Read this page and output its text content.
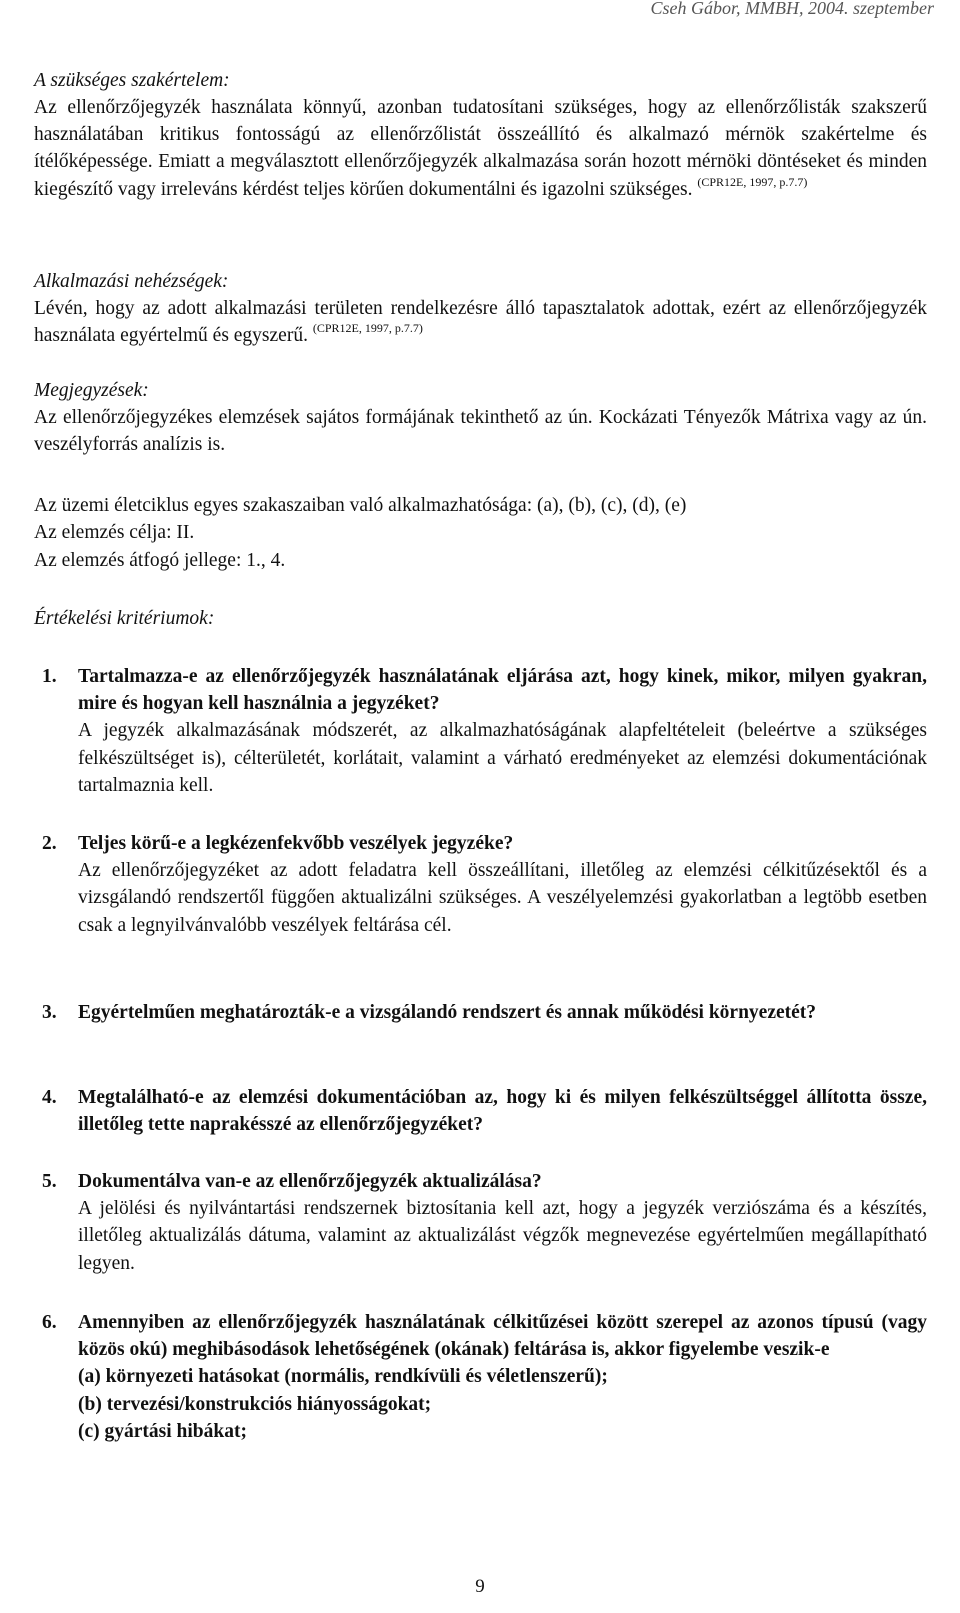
Cseh Gábor, MMBH, 2004. szeptember
A szükséges szakértelem:
Az ellenőrzőjegyzék használata könnyű, azonban tudatosítani szükséges, hogy az ellenőrzőlisták szakszerű használatában kritikus fontosságú az ellenőrzőlistát összeállító és alkalmazó mérnök szakértelme és ítélőképessége. Emiatt a megválasztott ellenőrzőjegyzék alkalmazása során hozott mérnöki döntéseket és minden kiegészítő vagy irreleváns kérdést teljes körűen dokumentálni és igazolni szükséges. $^{(CPR12E, 1997, p.7.7)}$
Alkalmazási nehézségek:
Lévén, hogy az adott alkalmazási területen rendelkezésre álló tapasztalatok adottak, ezért az ellenőrzőjegyzék használata egyértelmű és egyszerű. $^{(CPR12E, 1997, p.7.7)}$
Megjegyzések:
Az ellenőrzőjegyzékes elemzések sajátos formájának tekinthető az ún. Kockázati Tényezők Mátrixa vagy az ún. veszélyforrás analízis is.
Az üzemi életciklus egyes szakaszaiban való alkalmazhatósága: (a), (b), (c), (d), (e)
Az elemzés célja: II.
Az elemzés átfogó jellege: 1., 4.
Értékelési kritériumok:
1. Tartalmazza-e az ellenőrzőjegyzék használatának eljárása azt, hogy kinek, mikor, milyen gyakran, mire és hogyan kell használnia a jegyzéket?
A jegyzék alkalmazásának módszerét, az alkalmazhatóságának alapfeltételeit (beleértve a szükséges felkészültséget is), célterületét, korlátait, valamint a várható eredményeket az elemzési dokumentációnak tartalmaznia kell.
2. Teljes körű-e a legkézenfekvőbb veszélyek jegyzéke?
Az ellenőrzőjegyzéket az adott feladatra kell összeállítani, illetőleg az elemzési célkitűzésektől és a vizsgálandó rendszertől függően aktualizálni szükséges. A veszélyelemzési gyakorlatban a legtöbb esetben csak a legnyilvánvalóbb veszélyek feltárása cél.
3. Egyértelműen meghatározták-e a vizsgálandó rendszert és annak működési környezetét?
4. Megtalálható-e az elemzési dokumentációban az, hogy ki és milyen felkészültséggel állította össze, illetőleg tette naprakésszé az ellenőrzőjegyzéket?
5. Dokumentálva van-e az ellenőrzőjegyzék aktualizálása?
A jelölési és nyilvántartási rendszernek biztosítania kell azt, hogy a jegyzék verziószáma és a készítés, illetőleg aktualizálás dátuma, valamint az aktualizálást végzők megnevezése egyértelműen megállapítható legyen.
6. Amennyiben az ellenőrzőjegyzék használatának célkitűzései között szerepel az azonos típusú (vagy közös okú) meghibásodások lehetőségének (okának) feltárása is, akkor figyelembe veszik-e
(a) környezeti hatásokat (normális, rendkívüli és véletlenszerű);
(b) tervezési/konstrukciós hiányosságokat;
(c) gyártási hibákat;
9
